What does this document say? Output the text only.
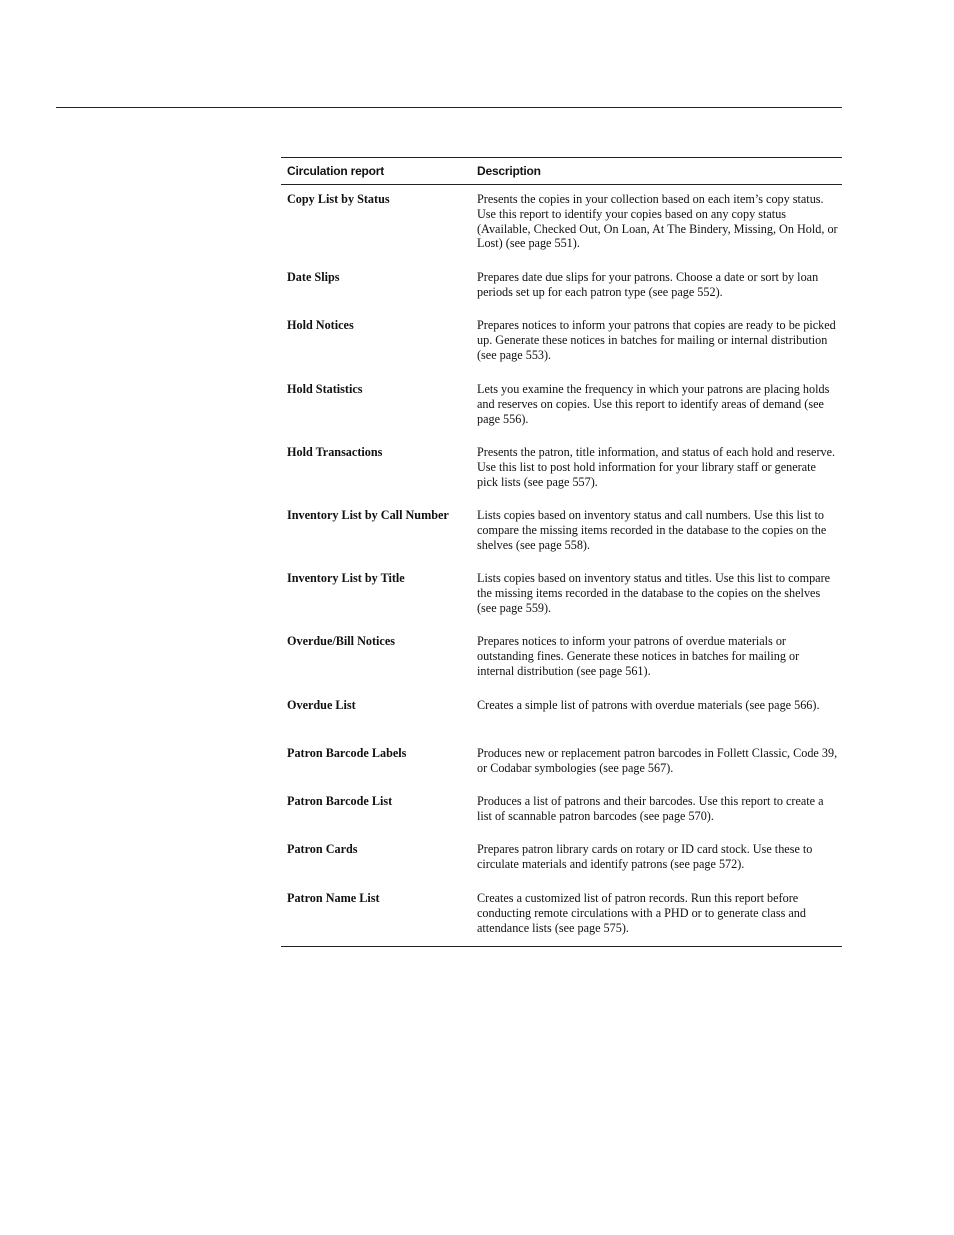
Circulation report	Description
Copy List by Status	Presents the copies in your collection based on each item’s copy status. Use this report to identify your copies based on any copy status (Available, Checked Out, On Loan, At The Bindery, Missing, On Hold, or Lost) (see page 551).
Date Slips	Prepares date due slips for your patrons. Choose a date or sort by loan periods set up for each patron type (see page 552).
Hold Notices	Prepares notices to inform your patrons that copies are ready to be picked up. Generate these notices in batches for mailing or internal distribution (see page 553).
Hold Statistics	Lets you examine the frequency in which your patrons are placing holds and reserves on copies. Use this report to identify areas of demand (see page 556).
Hold Transactions	Presents the patron, title information, and status of each hold and reserve. Use this list to post hold information for your library staff or generate pick lists (see page 557).
Inventory List by Call Number	Lists copies based on inventory status and call numbers. Use this list to compare the missing items recorded in the database to the copies on the shelves (see page 558).
Inventory List by Title	Lists copies based on inventory status and titles. Use this list to compare the missing items recorded in the database to the copies on the shelves (see page 559).
Overdue/Bill Notices	Prepares notices to inform your patrons of overdue materials or outstanding fines. Generate these notices in batches for mailing or internal distribution (see page 561).
Overdue List	Creates a simple list of patrons with overdue materials (see page 566).
Patron Barcode Labels	Produces new or replacement patron barcodes in Follett Classic, Code 39, or Codabar symbologies (see page 567).
Patron Barcode List	Produces a list of patrons and their barcodes. Use this report to create a list of scannable patron barcodes (see page 570).
Patron Cards	Prepares patron library cards on rotary or ID card stock. Use these to circulate materials and identify patrons (see page 572).
Patron Name List	Creates a customized list of patron records. Run this report before conducting remote circulations with a PHD or to generate class and attendance lists (see page 575).
